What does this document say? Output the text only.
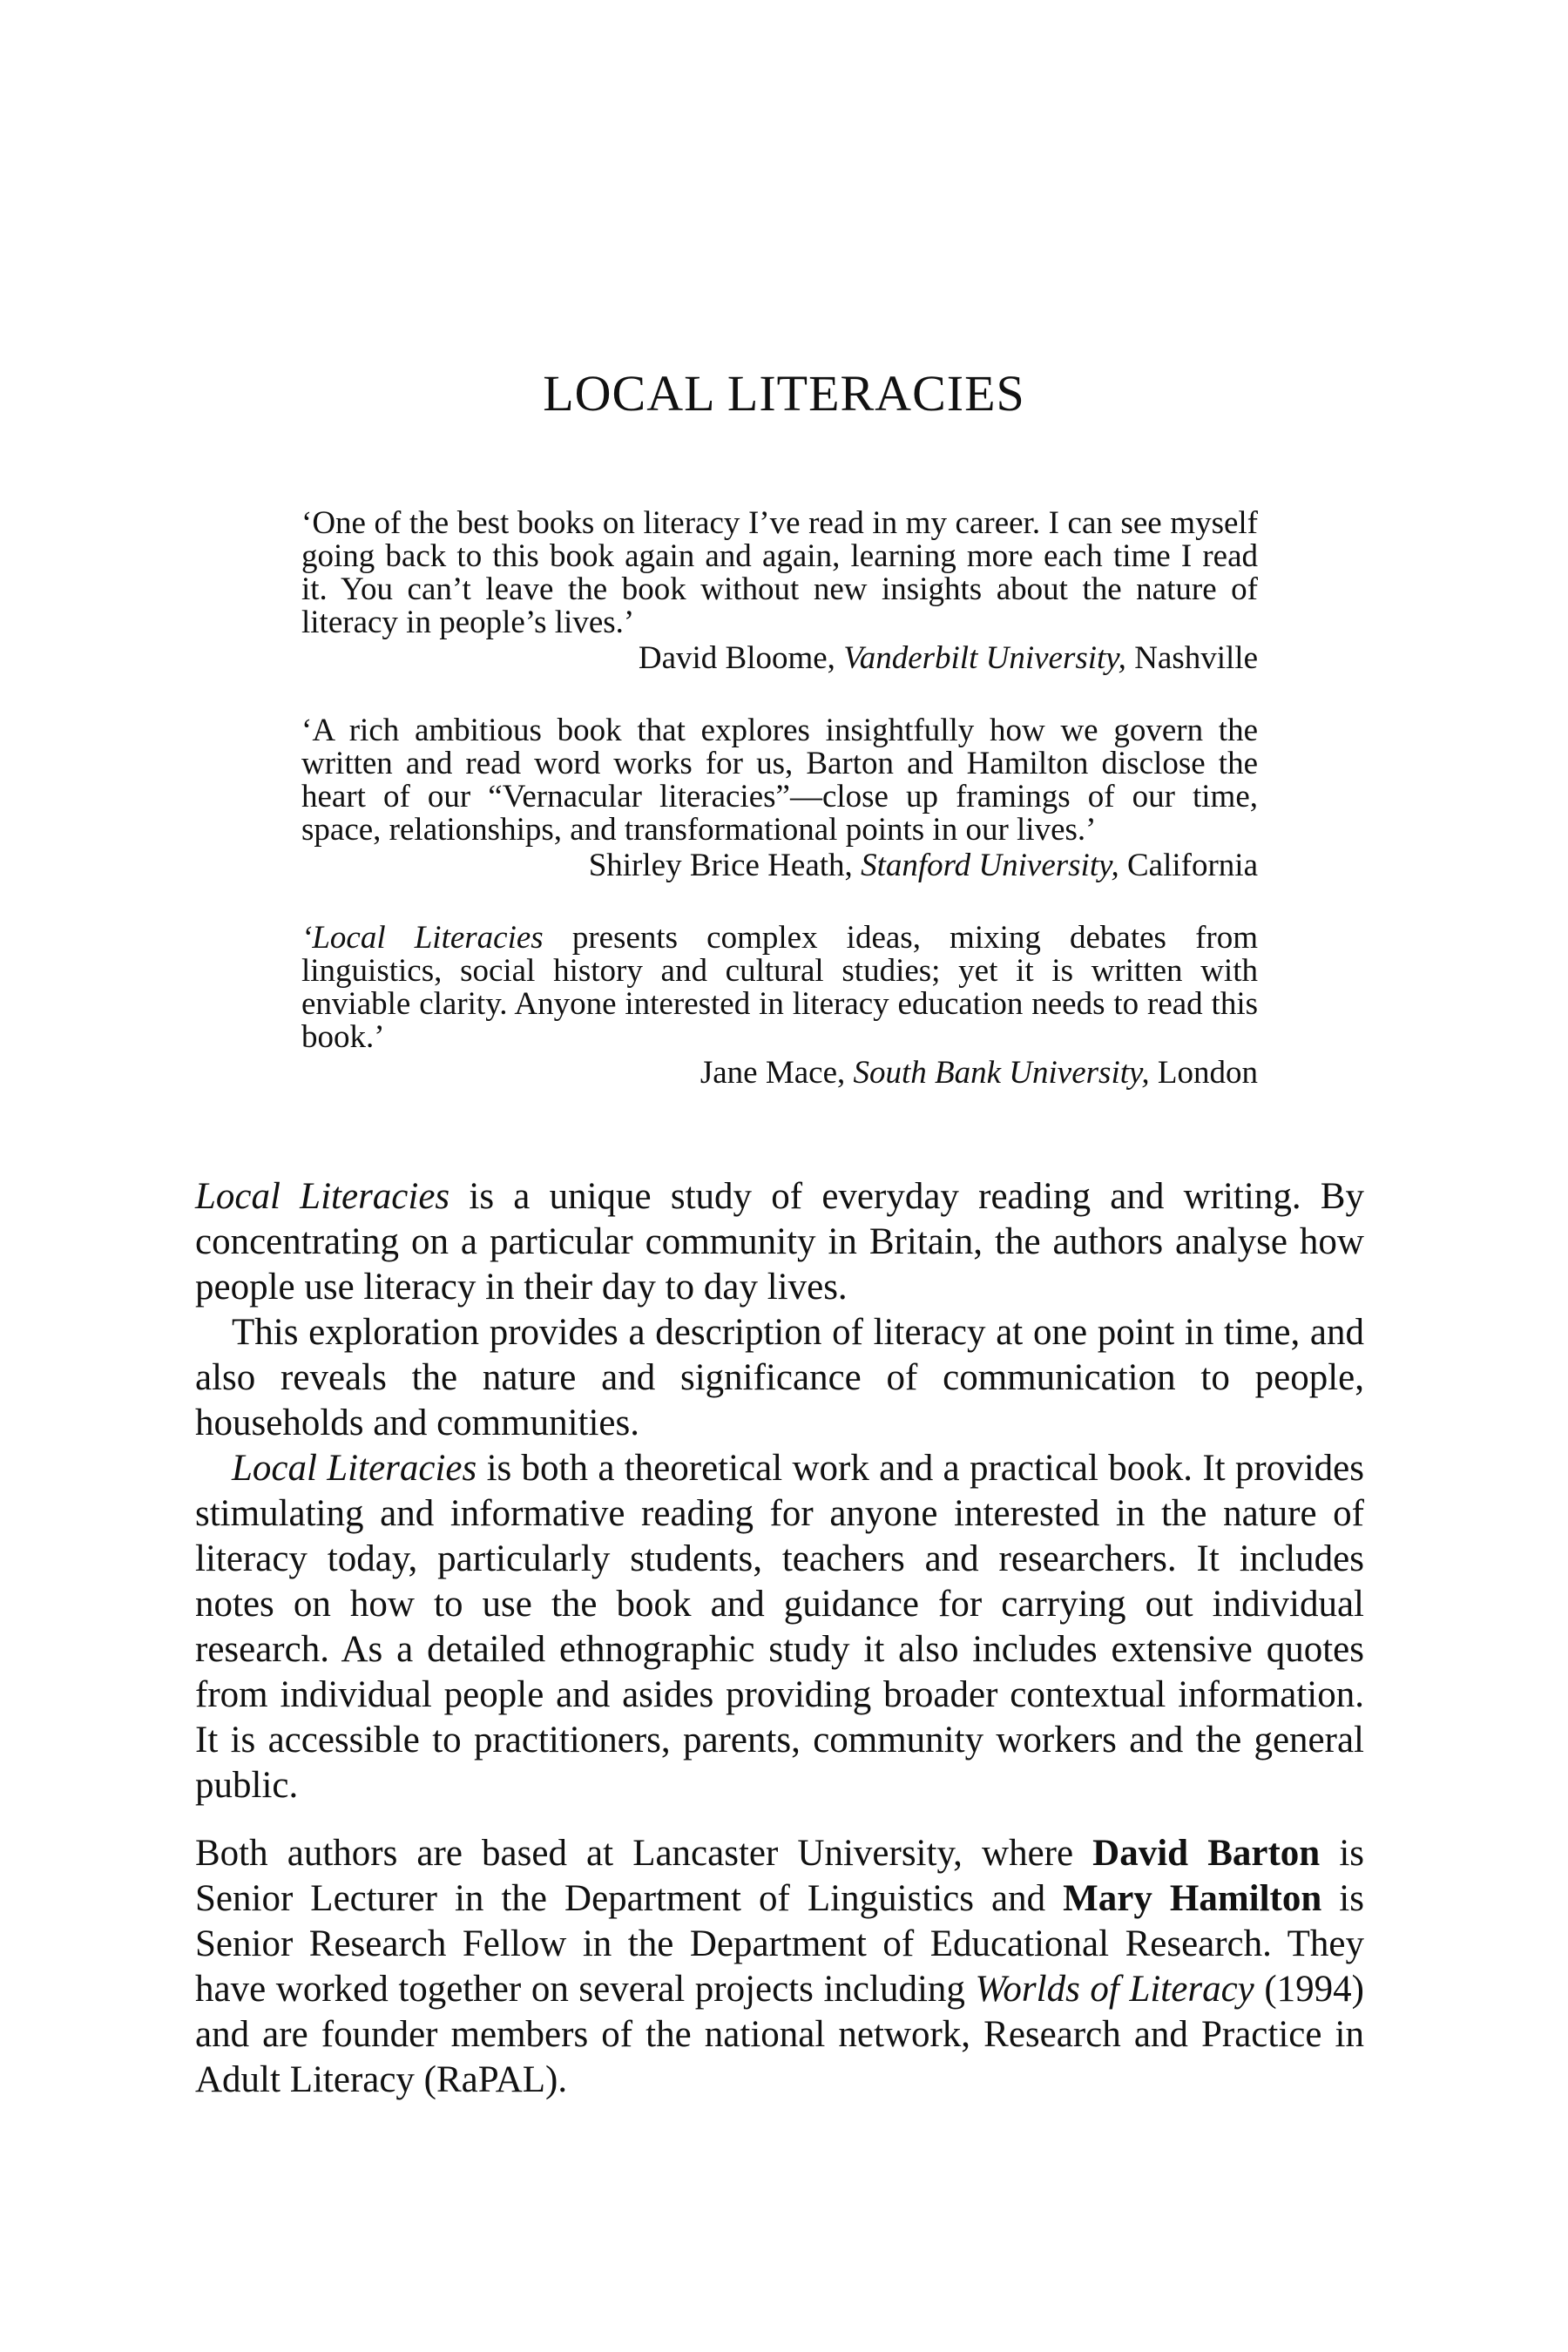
LOCAL LITERACIES

‘One of the best books on literacy I’ve read in my career. I can see myself going back to this book again and again, learning more each time I read it. You can’t leave the book without new insights about the nature of literacy in people’s lives.’

David Bloome, Vanderbilt University, Nashville

‘A rich ambitious book that explores insightfully how we govern the written and read word works for us, Barton and Hamilton disclose the heart of our “Vernacular literacies”—close up framings of our time, space, relationships, and transformational points in our lives.’

Shirley Brice Heath, Stanford University, California

‘Local Literacies presents complex ideas, mixing debates from linguistics, social history and cultural studies; yet it is written with enviable clarity. Anyone interested in literacy education needs to read this book.’

Jane Mace, South Bank University, London

Local Literacies is a unique study of everyday reading and writing. By concentrating on a particular community in Britain, the authors analyse how people use literacy in their day to day lives.

This exploration provides a description of literacy at one point in time, and also reveals the nature and significance of communication to people, households and communities.

Local Literacies is both a theoretical work and a practical book. It provides stimulating and informative reading for anyone interested in the nature of literacy today, particularly students, teachers and researchers. It includes notes on how to use the book and guidance for carrying out individual research. As a detailed ethnographic study it also includes extensive quotes from individual people and asides providing broader contextual information. It is accessible to practitioners, parents, community workers and the general public.

Both authors are based at Lancaster University, where David Barton is Senior Lecturer in the Department of Linguistics and Mary Hamilton is Senior Research Fellow in the Department of Educational Research. They have worked together on several projects including Worlds of Literacy (1994) and are founder members of the national network, Research and Practice in Adult Literacy (RaPAL).
